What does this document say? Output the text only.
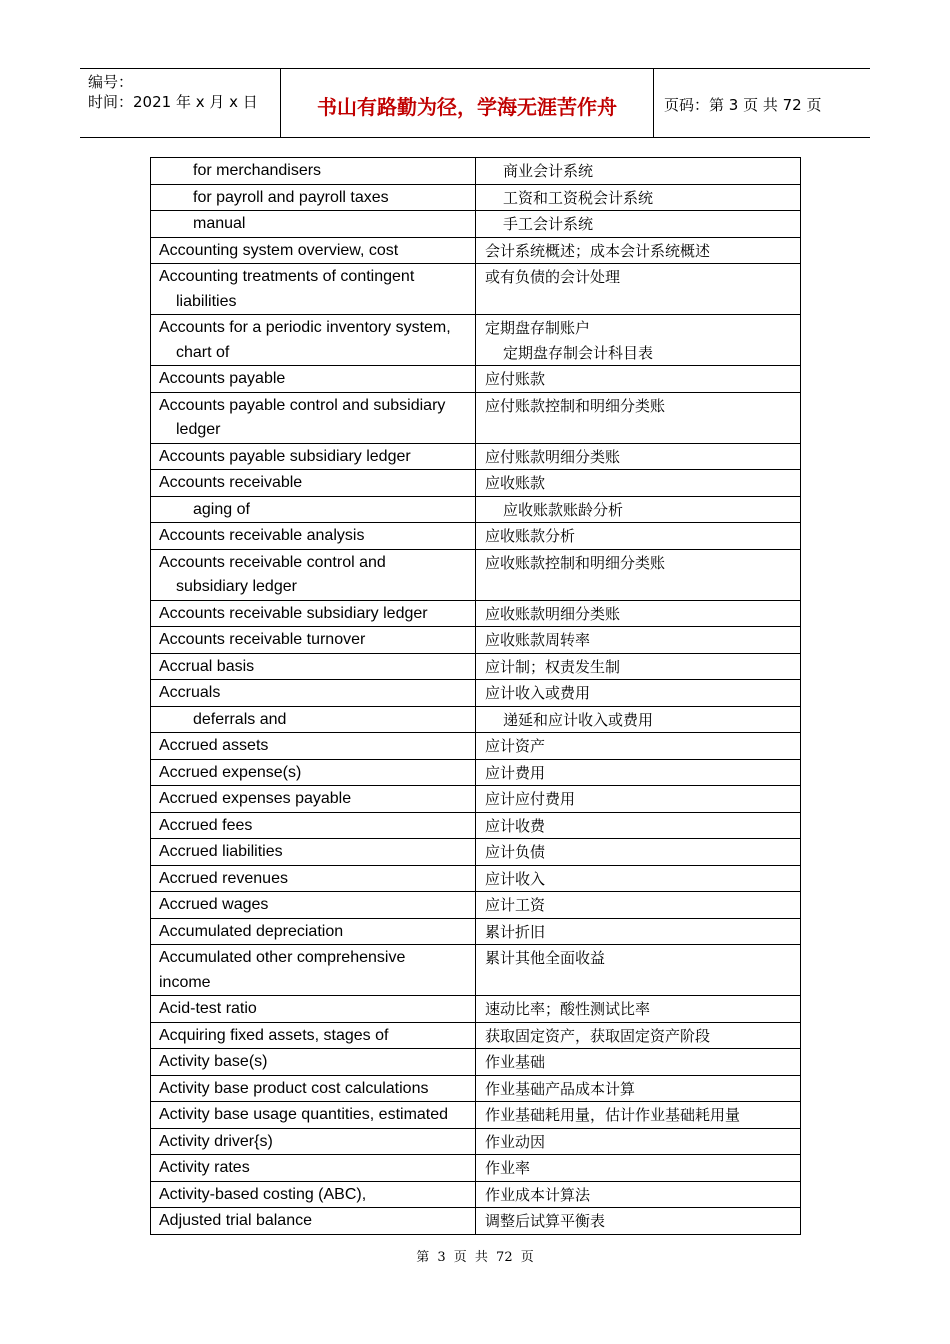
编号：
时间：2021 年 x 月 x 日	书山有路勤为径，学海无涯苦作舟	页码：第 3 页 共 72 页
for merchandisers	商业会计系统

for payroll and payroll taxes	工资和工资税会计系统

manual	手工会计系统

Accounting system overview, cost	会计系统概述；成本会计系统概述

Accounting treatments of contingent
liabilities	或有负债的会计处理

Accounts for a periodic inventory system,
chart of	定期盘存制账户
定期盘存制会计科目表

Accounts payable	应付账款

Accounts payable control and subsidiary
ledger	应付账款控制和明细分类账

Accounts payable subsidiary ledger	应付账款明细分类账

Accounts receivable	应收账款

aging of	应收账款账龄分析

Accounts receivable analysis	应收账款分析

Accounts receivable control and
subsidiary ledger	应收账款控制和明细分类账

Accounts receivable subsidiary ledger	应收账款明细分类账

Accounts receivable turnover	应收账款周转率

Accrual basis	应计制；权责发生制

Accruals	应计收入或费用

deferrals and	递延和应计收入或费用

Accrued assets	应计资产

Accrued expense(s)	应计费用

Accrued expenses payable	应计应付费用

Accrued fees	应计收费

Accrued liabilities	应计负债

Accrued revenues	应计收入

Accrued wages	应计工资

Accumulated depreciation	累计折旧

Accumulated other comprehensive
income	累计其他全面收益

Acid-test ratio	速动比率；酸性测试比率

Acquiring fixed assets, stages of	获取固定资产，获取固定资产阶段

Activity base(s)	作业基础

Activity base product cost calculations	作业基础产品成本计算

Activity base usage quantities, estimated	作业基础耗用量，估计作业基础耗用量

Activity driver{s)	作业动因

Activity rates	作业率

Activity-based costing (ABC),	作业成本计算法

Adjusted trial balance	调整后试算平衡表
第 3 页 共 72 页
